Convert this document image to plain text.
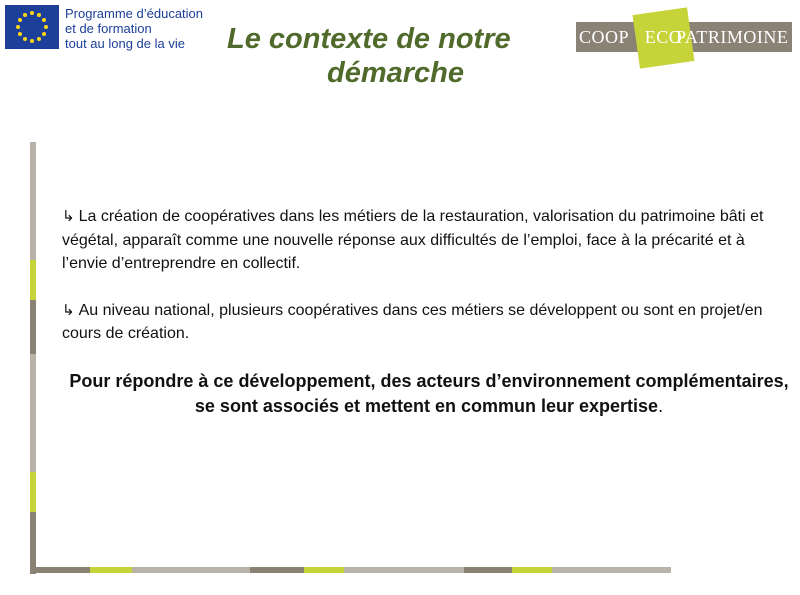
Programme d’éducation
et de formation
tout au long de la vie	Le contexte de notre
démarche
COOP ECO
PATRIMOINE

↳ La création de coopératives dans les métiers de la restauration, valorisation du patrimoine bâti et végétal, apparaît comme une nouvelle réponse aux difficultés de l’emploi, face à la précarité et à l’envie d’entreprendre en collectif.

↳ Au niveau national, plusieurs coopératives dans ces métiers se développent ou sont en projet/en cours de création.

Pour répondre à ce développement, des acteurs d’environnement complémentaires, se sont associés et mettent en commun leur expertise.
